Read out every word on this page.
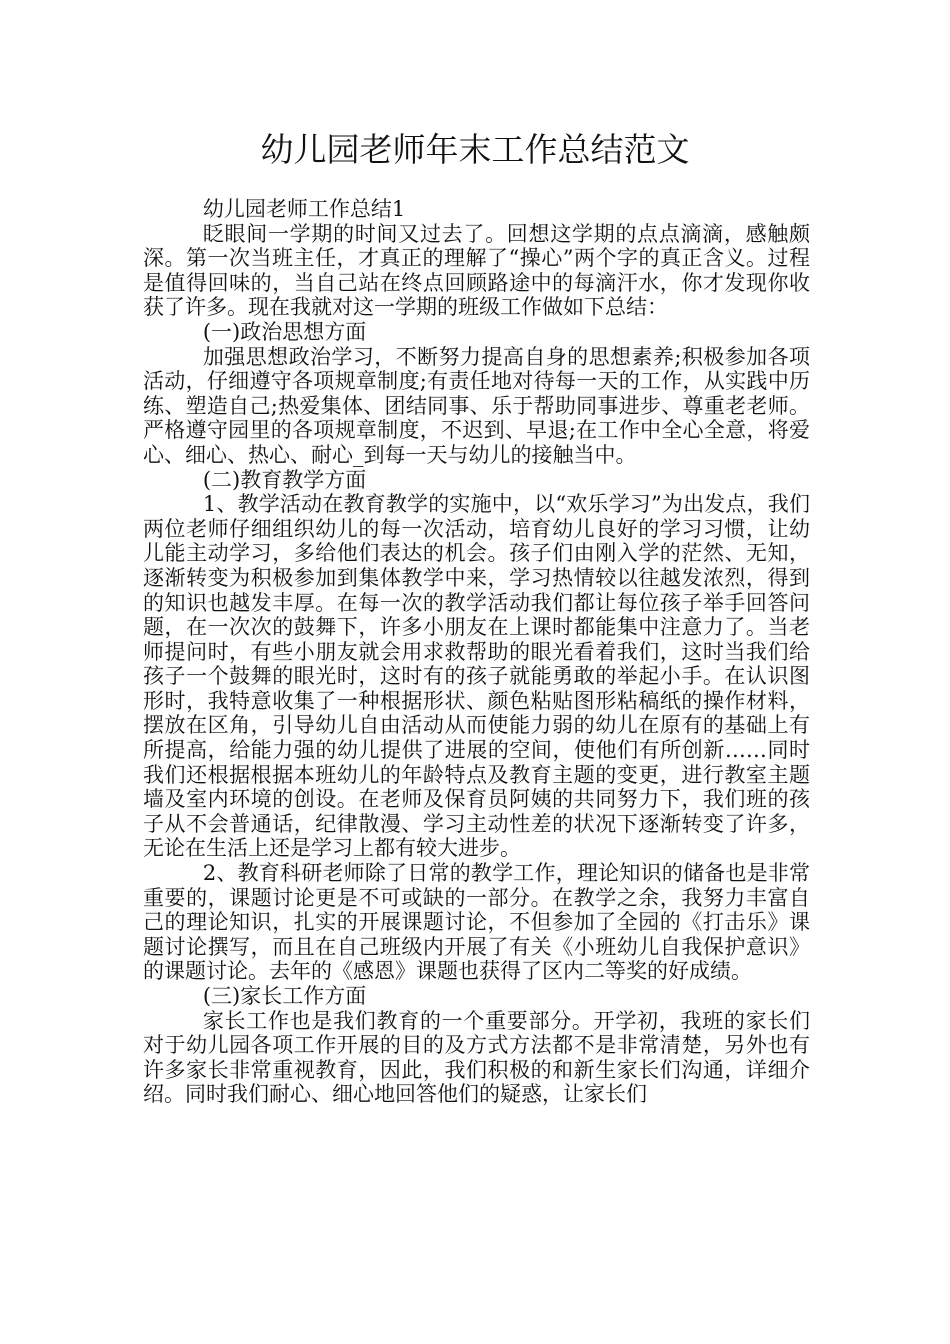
幼儿园老师年末工作总结范文

幼儿园老师工作总结1

眨眼间一学期的时间又过去了。回想这学期的点点滴滴，感触颇深。第一次当班主任，才真正的理解了“操心”两个字的真正含义。过程是值得回味的，当自己站在终点回顾路途中的每滴汗水，你才发现你收获了许多。现在我就对这一学期的班级工作做如下总结：

(一)政治思想方面

加强思想政治学习，不断努力提高自身的思想素养;积极参加各项活动，仔细遵守各项规章制度;有责任地对待每一天的工作，从实践中历练、塑造自己;热爱集体、团结同事、乐于帮助同事进步、尊重老老师。严格遵守园里的各项规章制度，不迟到、早退;在工作中全心全意，将爱心、细心、热心、耐心_到每一天与幼儿的接触当中。

(二)教育教学方面

1、教学活动在教育教学的实施中，以“欢乐学习”为出发点，我们两位老师仔细组织幼儿的每一次活动，培育幼儿良好的学习习惯，让幼儿能主动学习，多给他们表达的机会。孩子们由刚入学的茫然、无知，逐渐转变为积极参加到集体教学中来，学习热情较以往越发浓烈，得到的知识也越发丰厚。在每一次的教学活动我们都让每位孩子举手回答问题，在一次次的鼓舞下，许多小朋友在上课时都能集中注意力了。当老师提问时，有些小朋友就会用求救帮助的眼光看着我们，这时当我们给孩子一个鼓舞的眼光时，这时有的孩子就能勇敢的举起小手。在认识图形时，我特意收集了一种根据形状、颜色粘贴图形粘稿纸的操作材料，摆放在区角，引导幼儿自由活动从而使能力弱的幼儿在原有的基础上有所提高，给能力强的幼儿提供了进展的空间，使他们有所创新……同时我们还根据根据本班幼儿的年龄特点及教育主题的变更，进行教室主题墙及室内环境的创设。在老师及保育员阿姨的共同努力下，我们班的孩子从不会普通话，纪律散漫、学习主动性差的状况下逐渐转变了许多，无论在生活上还是学习上都有较大进步。

2、教育科研老师除了日常的教学工作，理论知识的储备也是非常重要的，课题讨论更是不可或缺的一部分。在教学之余，我努力丰富自己的理论知识，扎实的开展课题讨论，不但参加了全园的《打击乐》课题讨论撰写，而且在自己班级内开展了有关《小班幼儿自我保护意识》的课题讨论。去年的《感恩》课题也获得了区内二等奖的好成绩。

(三)家长工作方面

家长工作也是我们教育的一个重要部分。开学初，我班的家长们对于幼儿园各项工作开展的目的及方式方法都不是非常清楚，另外也有许多家长非常重视教育，因此，我们积极的和新生家长们沟通，详细介绍。同时我们耐心、细心地回答他们的疑惑，让家长们
